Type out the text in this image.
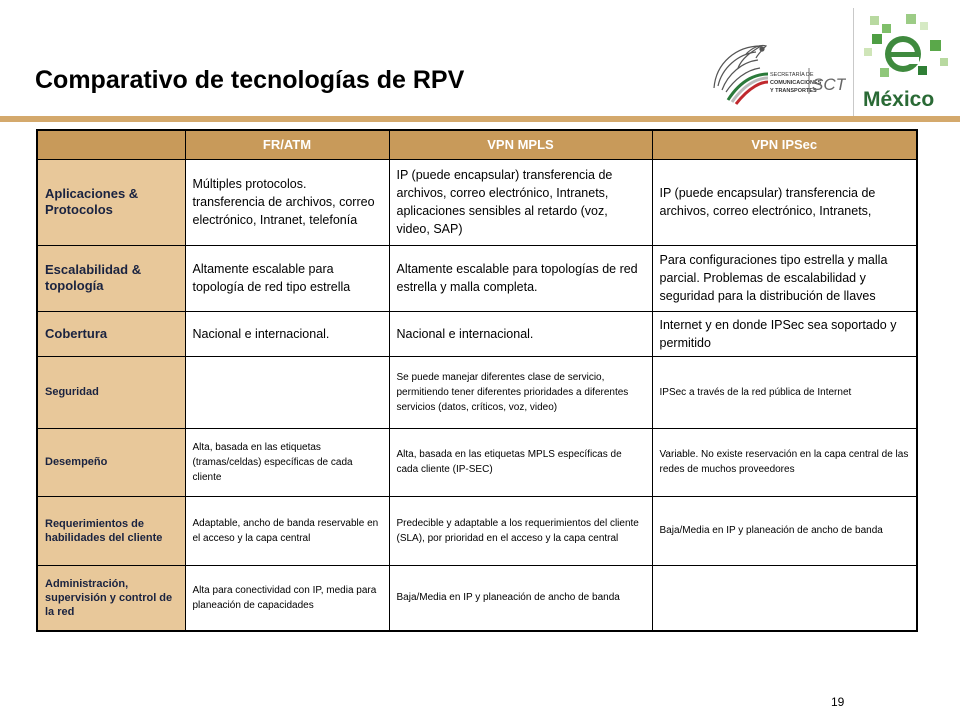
Comparativo de tecnologías de RPV	SECRETARÍA DE
COMUNICACIONES
Y TRANSPORTES
SCT
México
	FR/ATM	VPN MPLS	VPN IPSec
Aplicaciones & Protocolos	Múltiples protocolos. transferencia de archivos, correo electrónico, Intranet, telefonía	IP (puede encapsular) transferencia de archivos, correo electrónico, Intranets, aplicaciones sensibles al retardo (voz, video, SAP)	IP (puede encapsular) transferencia de archivos, correo electrónico, Intranets,
Escalabilidad & topología	Altamente escalable para topología de red tipo estrella	Altamente escalable para topologías de red estrella y malla completa.	Para configuraciones tipo estrella y malla parcial. Problemas de escalabilidad y seguridad para la distribución de llaves
Cobertura	Nacional e internacional.	Nacional e internacional.	Internet y en donde IPSec sea soportado y permitido
Seguridad		Se puede manejar diferentes clase de servicio, permitiendo tener diferentes prioridades a diferentes servicios (datos, críticos, voz, video)	IPSec a través de la red pública de Internet
Desempeño	Alta, basada en las etiquetas (tramas/celdas) específicas de cada cliente	Alta, basada en las etiquetas MPLS específicas de cada cliente (IP-SEC)	Variable. No existe reservación en la capa central de las redes de muchos proveedores
Requerimientos de habilidades del cliente	Adaptable, ancho de banda reservable en el acceso y la capa central	Predecible y adaptable a los requerimientos del cliente (SLA), por prioridad en el acceso y la capa central	Baja/Media en IP y planeación de ancho de banda
Administración, supervisión y control de la red	Alta para conectividad con IP, media para planeación de capacidades	Baja/Media en IP y planeación de ancho de banda	
19
